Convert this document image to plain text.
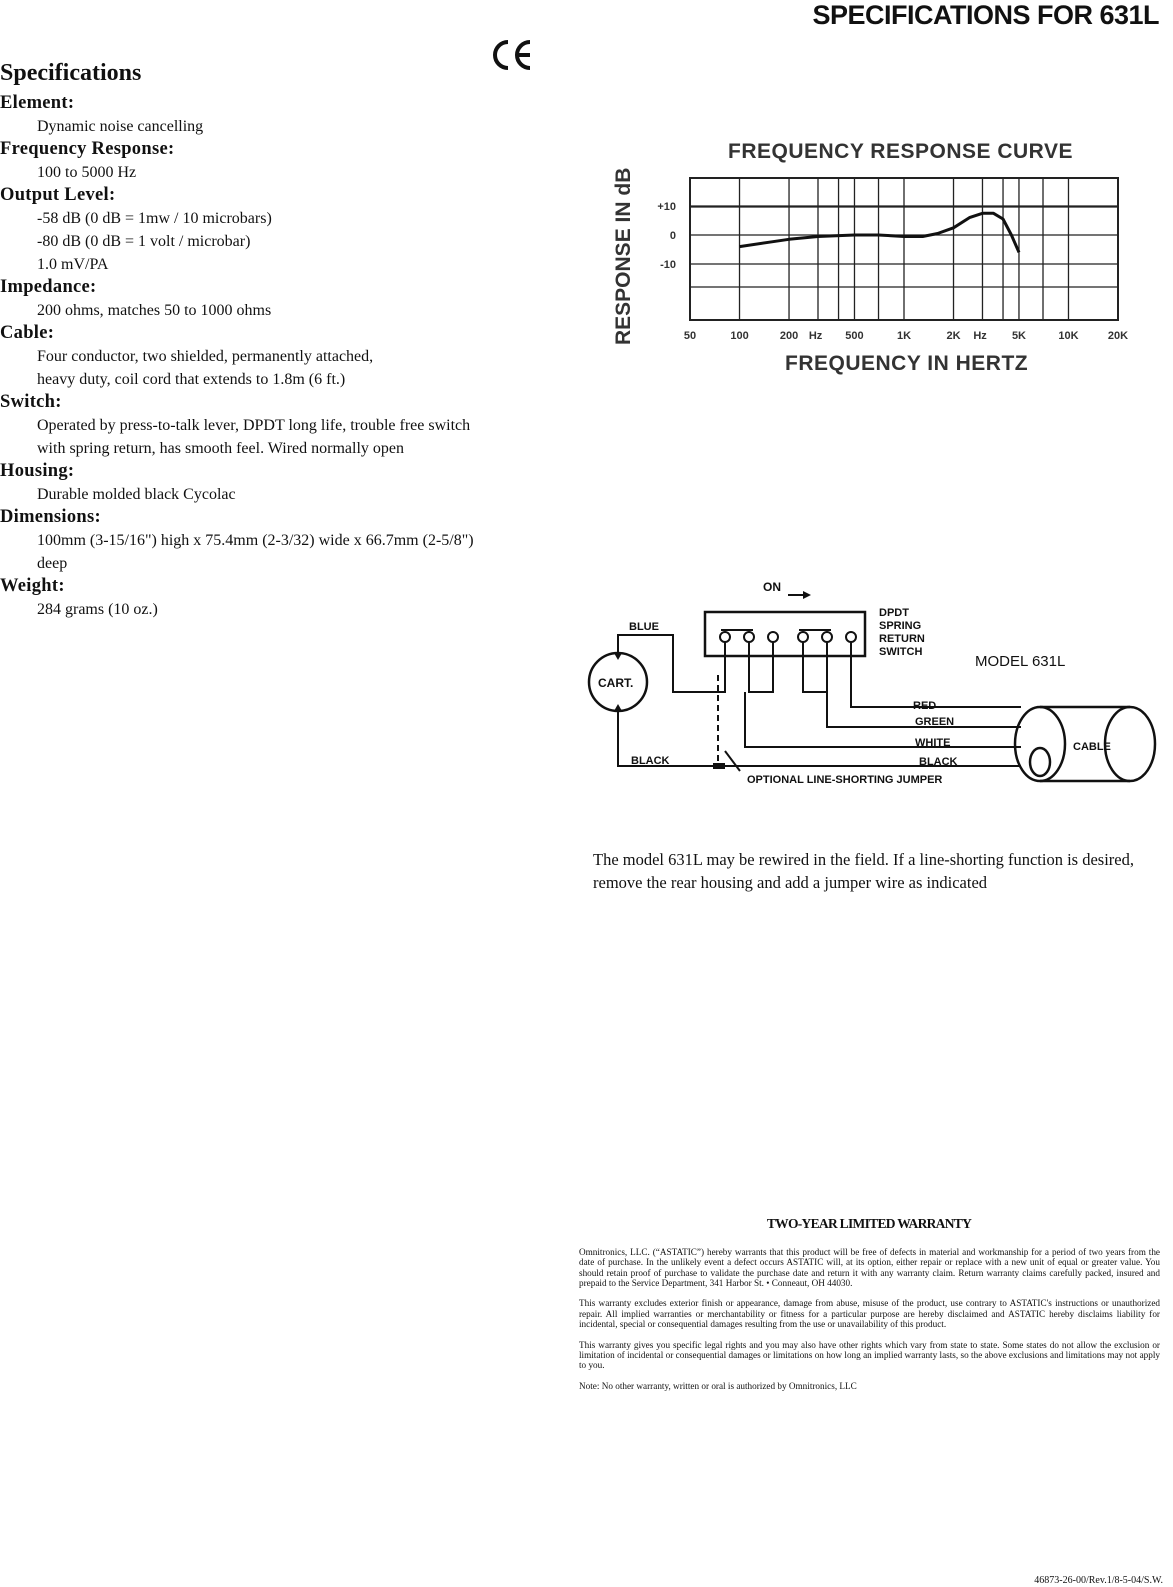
SPECIFICATIONS FOR 631L
Specifications
Element:
Dynamic noise cancelling
Frequency Response:
100 to 5000 Hz
Output Level:
-58 dB (0 dB = 1mw / 10 microbars)
-80 dB (0 dB = 1 volt / microbar)
1.0 mV/PA
Impedance:
200 ohms, matches 50 to 1000 ohms
Cable:
Four conductor, two shielded, permanently attached,
heavy duty, coil cord that extends to 1.8m (6 ft.)
Switch:
Operated by press-to-talk lever, DPDT long life, trouble free switch
with spring return, has smooth feel. Wired normally open
Housing:
Durable molded black Cycolac
Dimensions:
100mm (3-15/16") high x 75.4mm (2-3/32) wide x 66.7mm (2-5/8")
deep
Weight:
284 grams (10 oz.)
FREQUENCY RESPONSE CURVE
RESPONSE IN dB
FREQUENCY IN HERTZ
+10
0
-10
50	100	200 Hz 500	1K	2K Hz 5K	10K	20K
ON
DPDT
SPRING
RETURN
SWITCH
MODEL 631L
CART.
BLUE
BLACK
RED
GREEN
WHITE
BLACK
CABLE
OPTIONAL LINE-SHORTING JUMPER
The model 631L may be rewired in the field. If a line-shorting function is desired, remove the rear housing and add a jumper wire as indicated
TWO-YEAR LIMITED WARRANTY

Omnitronics, LLC. (“ASTATIC”) hereby warrants that this product will be free of defects in material and workmanship for a period of two years from the date of purchase. In the unlikely event a defect occurs ASTATIC will, at its option, either repair or replace with a new unit of equal or greater value. You should retain proof of purchase to validate the purchase date and return it with any warranty claim. Return warranty claims carefully packed, insured and prepaid to the Service Department, 341 Harbor St. • Conneaut, OH 44030.

This warranty excludes exterior finish or appearance, damage from abuse, misuse of the product, use contrary to ASTATIC's instructions or unauthorized repair. All implied warranties or merchantability or fitness for a particular purpose are hereby disclaimed and ASTATIC hereby disclaims liability for incidental, special or consequential damages resulting from the use or unavailability of this product.

This warranty gives you specific legal rights and you may also have other rights which vary from state to state. Some states do not allow the exclusion or limitation of incidental or consequential damages or limitations on how long an implied warranty lasts, so the above exclusions and limitations may not apply to you.

Note: No other warranty, written or oral is authorized by Omnitronics, LLC

46873-26-00/Rev.1/8-5-04/S.W.
